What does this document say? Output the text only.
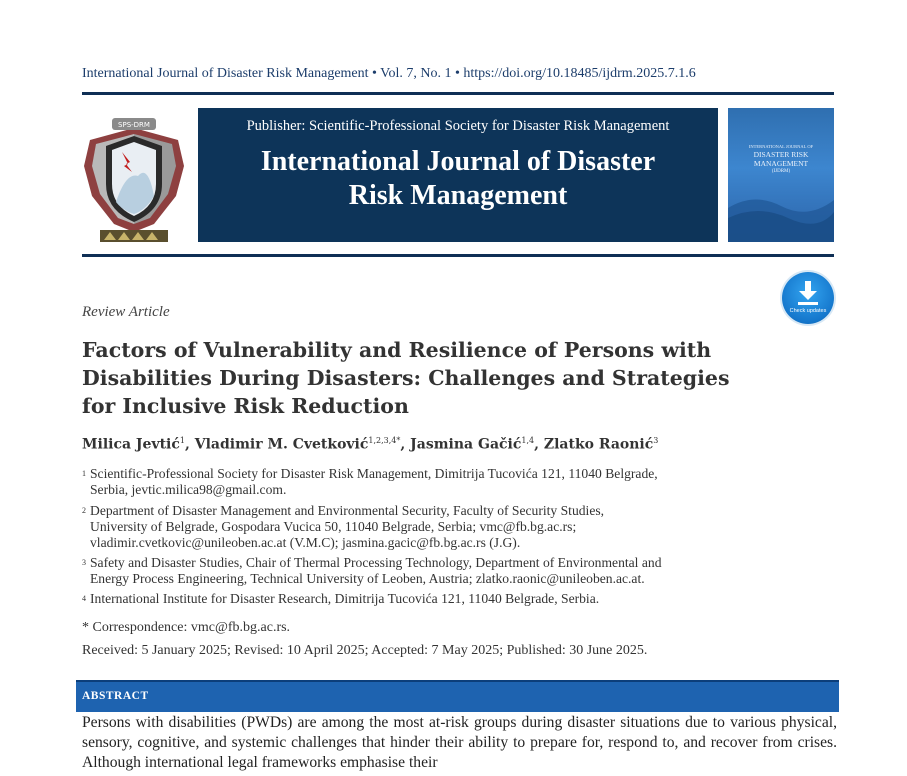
International Journal of Disaster Risk Management • Vol. 7, No. 1 • https://doi.org/10.18485/ijdrm.2025.7.1.6
SPS-DRM	Publisher: Scientific-Professional Society for Disaster Risk Management
International Journal of Disaster
Risk Management
INTERNATIONAL JOURNAL OF
DISASTER RISK
MANAGEMENT
(IJDRM)
Check updates
Review Article
Factors of Vulnerability and Resilience of Persons with
Disabilities During Disasters: Challenges and Strategies
for Inclusive Risk Reduction
Milica Jevtić$^1$, Vladimir M. Cvetković$^{1,2,3,4*}$, Jasmina Gačić$^{1,4}$, Zlatko Raonić$^3$
1 Scientific-Professional Society for Disaster Risk Management, Dimitrija Tucovića 121, 11040 Belgrade,
Serbia, jevtic.milica98@gmail.com.
2 Department of Disaster Management and Environmental Security, Faculty of Security Studies,
University of Belgrade, Gospodara Vucica 50, 11040 Belgrade, Serbia; vmc@fb.bg.ac.rs;
vladimir.cvetkovic@unileoben.ac.at (V.M.C); jasmina.gacic@fb.bg.ac.rs (J.G).
3 Safety and Disaster Studies, Chair of Thermal Processing Technology, Department of Environmental and
Energy Process Engineering, Technical University of Leoben, Austria; zlatko.raonic@unileoben.ac.at.
4 International Institute for Disaster Research, Dimitrija Tucovića 121, 11040 Belgrade, Serbia.
* Correspondence: vmc@fb.bg.ac.rs.
Received: 5 January 2025; Revised: 10 April 2025; Accepted: 7 May 2025; Published: 30 June 2025.
ABSTRACT
Persons with disabilities (PWDs) are among the most at-risk groups during disaster situations due to various physical, sensory, cognitive, and systemic challenges that hinder their ability to prepare for, respond to, and recover from crises. Although international legal frameworks emphasise their
